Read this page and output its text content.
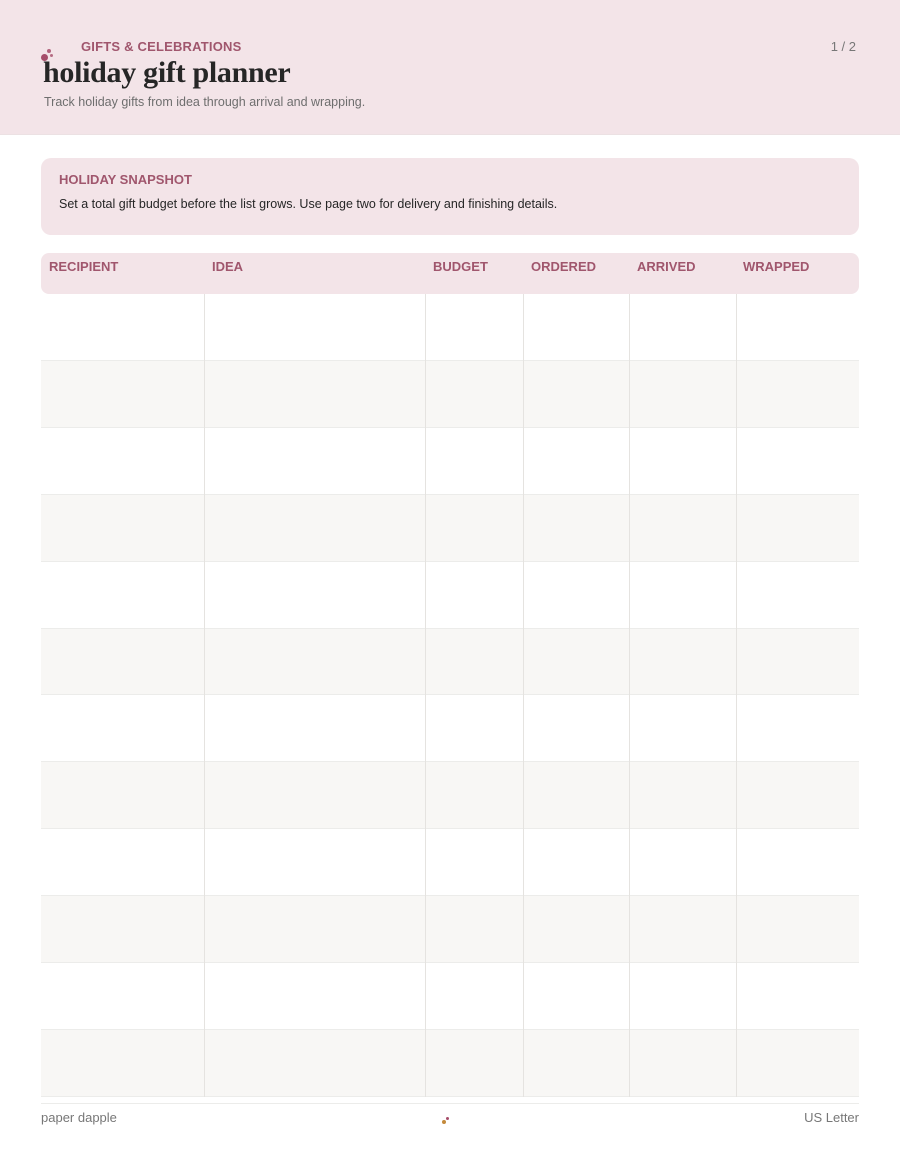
GIFTS & CELEBRATIONS	1 / 2
holiday gift planner
Track holiday gifts from idea through arrival and wrapping.
HOLIDAY SNAPSHOT
Set a total gift budget before the list grows. Use page two for delivery and finishing details.
RECIPIENT	IDEA	BUDGET	ORDERED	ARRIVED	WRAPPED
paper dapple	US Letter
